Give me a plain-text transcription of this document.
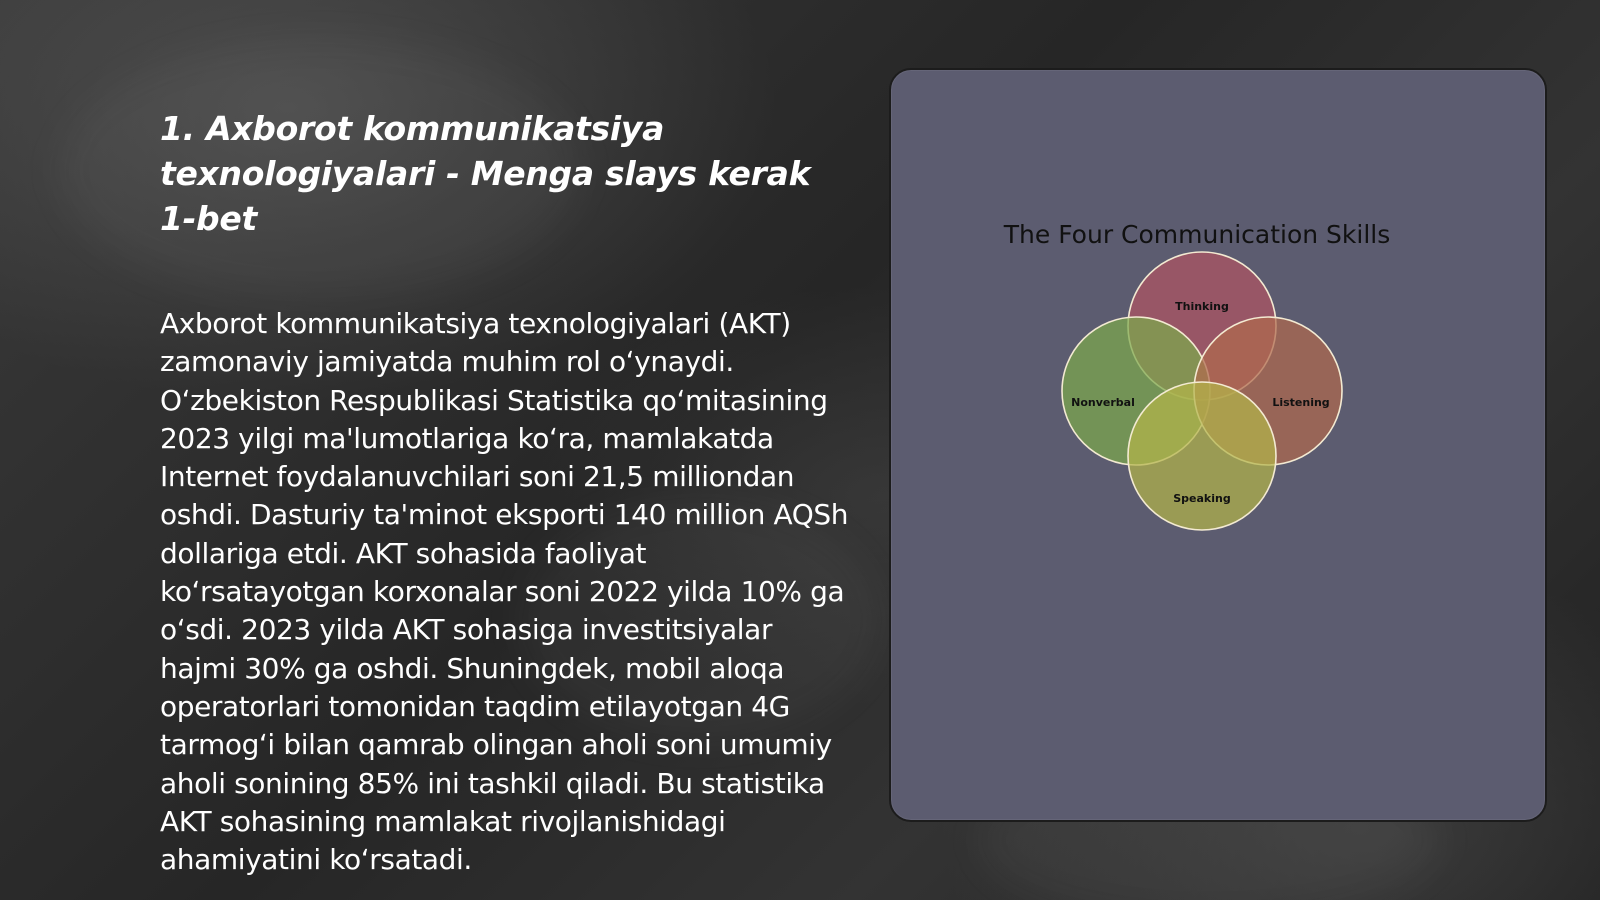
1. Axborot kommunikatsiya texnologiyalari - Menga slays kerak 1-bet

Axborot kommunikatsiya texnologiyalari (AKT) zamonaviy jamiyatda muhim rol oʻynaydi. Oʻzbekiston Respublikasi Statistika qoʻmitasining 2023 yilgi ma'lumotlariga koʻra, mamlakatda Internet foydalanuvchilari soni 21,5 milliondan oshdi. Dasturiy ta'minot eksporti 140 million AQSh dollariga etdi. AKT sohasida faoliyat koʻrsatayotgan korxonalar soni 2022 yilda 10% ga oʻsdi. 2023 yilda AKT sohasiga investitsiyalar hajmi 30% ga oshdi. Shuningdek, mobil aloqa operatorlari tomonidan taqdim etilayotgan 4G tarmogʻi bilan qamrab olingan aholi soni umumiy aholi sonining 85% ini tashkil qiladi. Bu statistika AKT sohasining mamlakat rivojlanishidagi ahamiyatini koʻrsatadi.

The Four Communication Skills
Thinking
Nonverbal	Listening
Speaking
